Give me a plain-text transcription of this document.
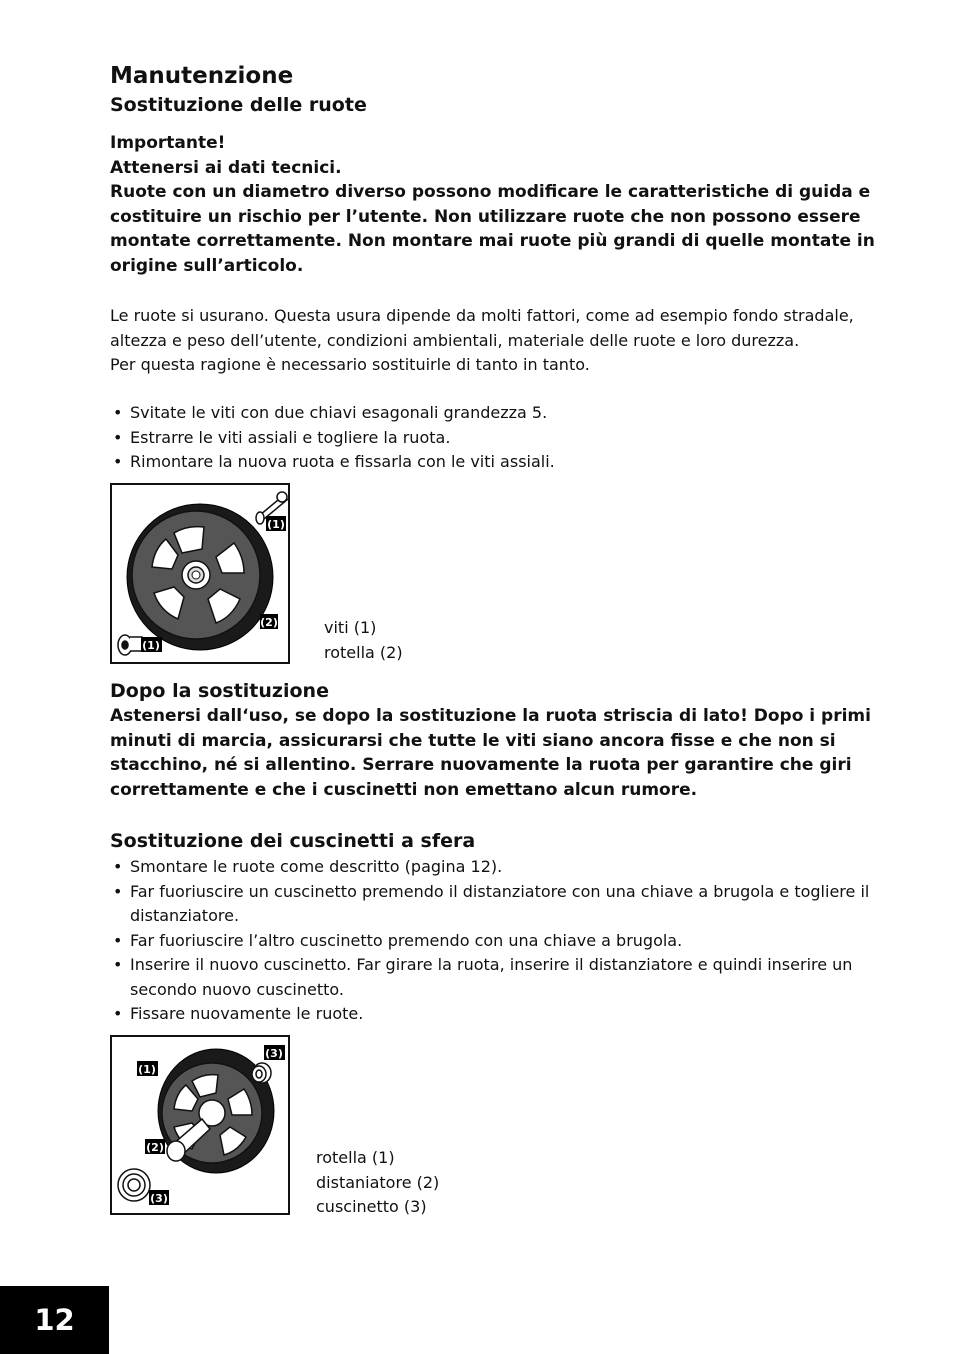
Manutenzione
Sostituzione delle ruote
Importante!
Attenersi ai dati tecnici.
Ruote con un diametro diverso possono modificare le caratteristiche di guida e costituire un rischio per l’utente. Non utilizzare ruote che non possono essere montate correttamente. Non montare mai ruote più grandi di quelle montate in origine sull’articolo.
Le ruote si usurano. Questa usura dipende da molti fattori, come ad esempio fondo stradale, altezza e peso dell’utente, condizioni ambientali, materiale delle ruote e loro durezza.
Per questa ragione è necessario sostituirle di tanto in tanto.
• Svitate le viti con due chiavi esagonali grandezza 5.
• Estrarre le viti assiali e togliere la ruota.
• Rimontare la nuova ruota e fissarla con le viti assiali.
(1)
(2)
(1)
viti (1)
rotella (2)
Dopo la sostituzione
Astenersi dall‘uso, se dopo la sostituzione la ruota striscia di lato! Dopo i primi minuti di marcia, assicurarsi che tutte le viti siano ancora fisse e che non si stacchino, né si allentino. Serrare nuovamente la ruota per garantire che giri correttamente e che i cuscinetti non emettano alcun rumore.
Sostituzione dei cuscinetti a sfera
• Smontare le ruote come descritto (pagina 12).
• Far fuoriuscire un cuscinetto premendo il distanziatore con una chiave a brugola e togliere il distanziatore.
• Far fuoriuscire l’altro cuscinetto premendo con una chiave a brugola.
• Inserire il nuovo cuscinetto. Far girare la ruota, inserire il distanziatore e quindi inserire un secondo nuovo cuscinetto.
• Fissare nuovamente le ruote.
(1)
(2)
(3)
(3)
rotella (1)
distaniatore (2)
cuscinetto (3)
12
